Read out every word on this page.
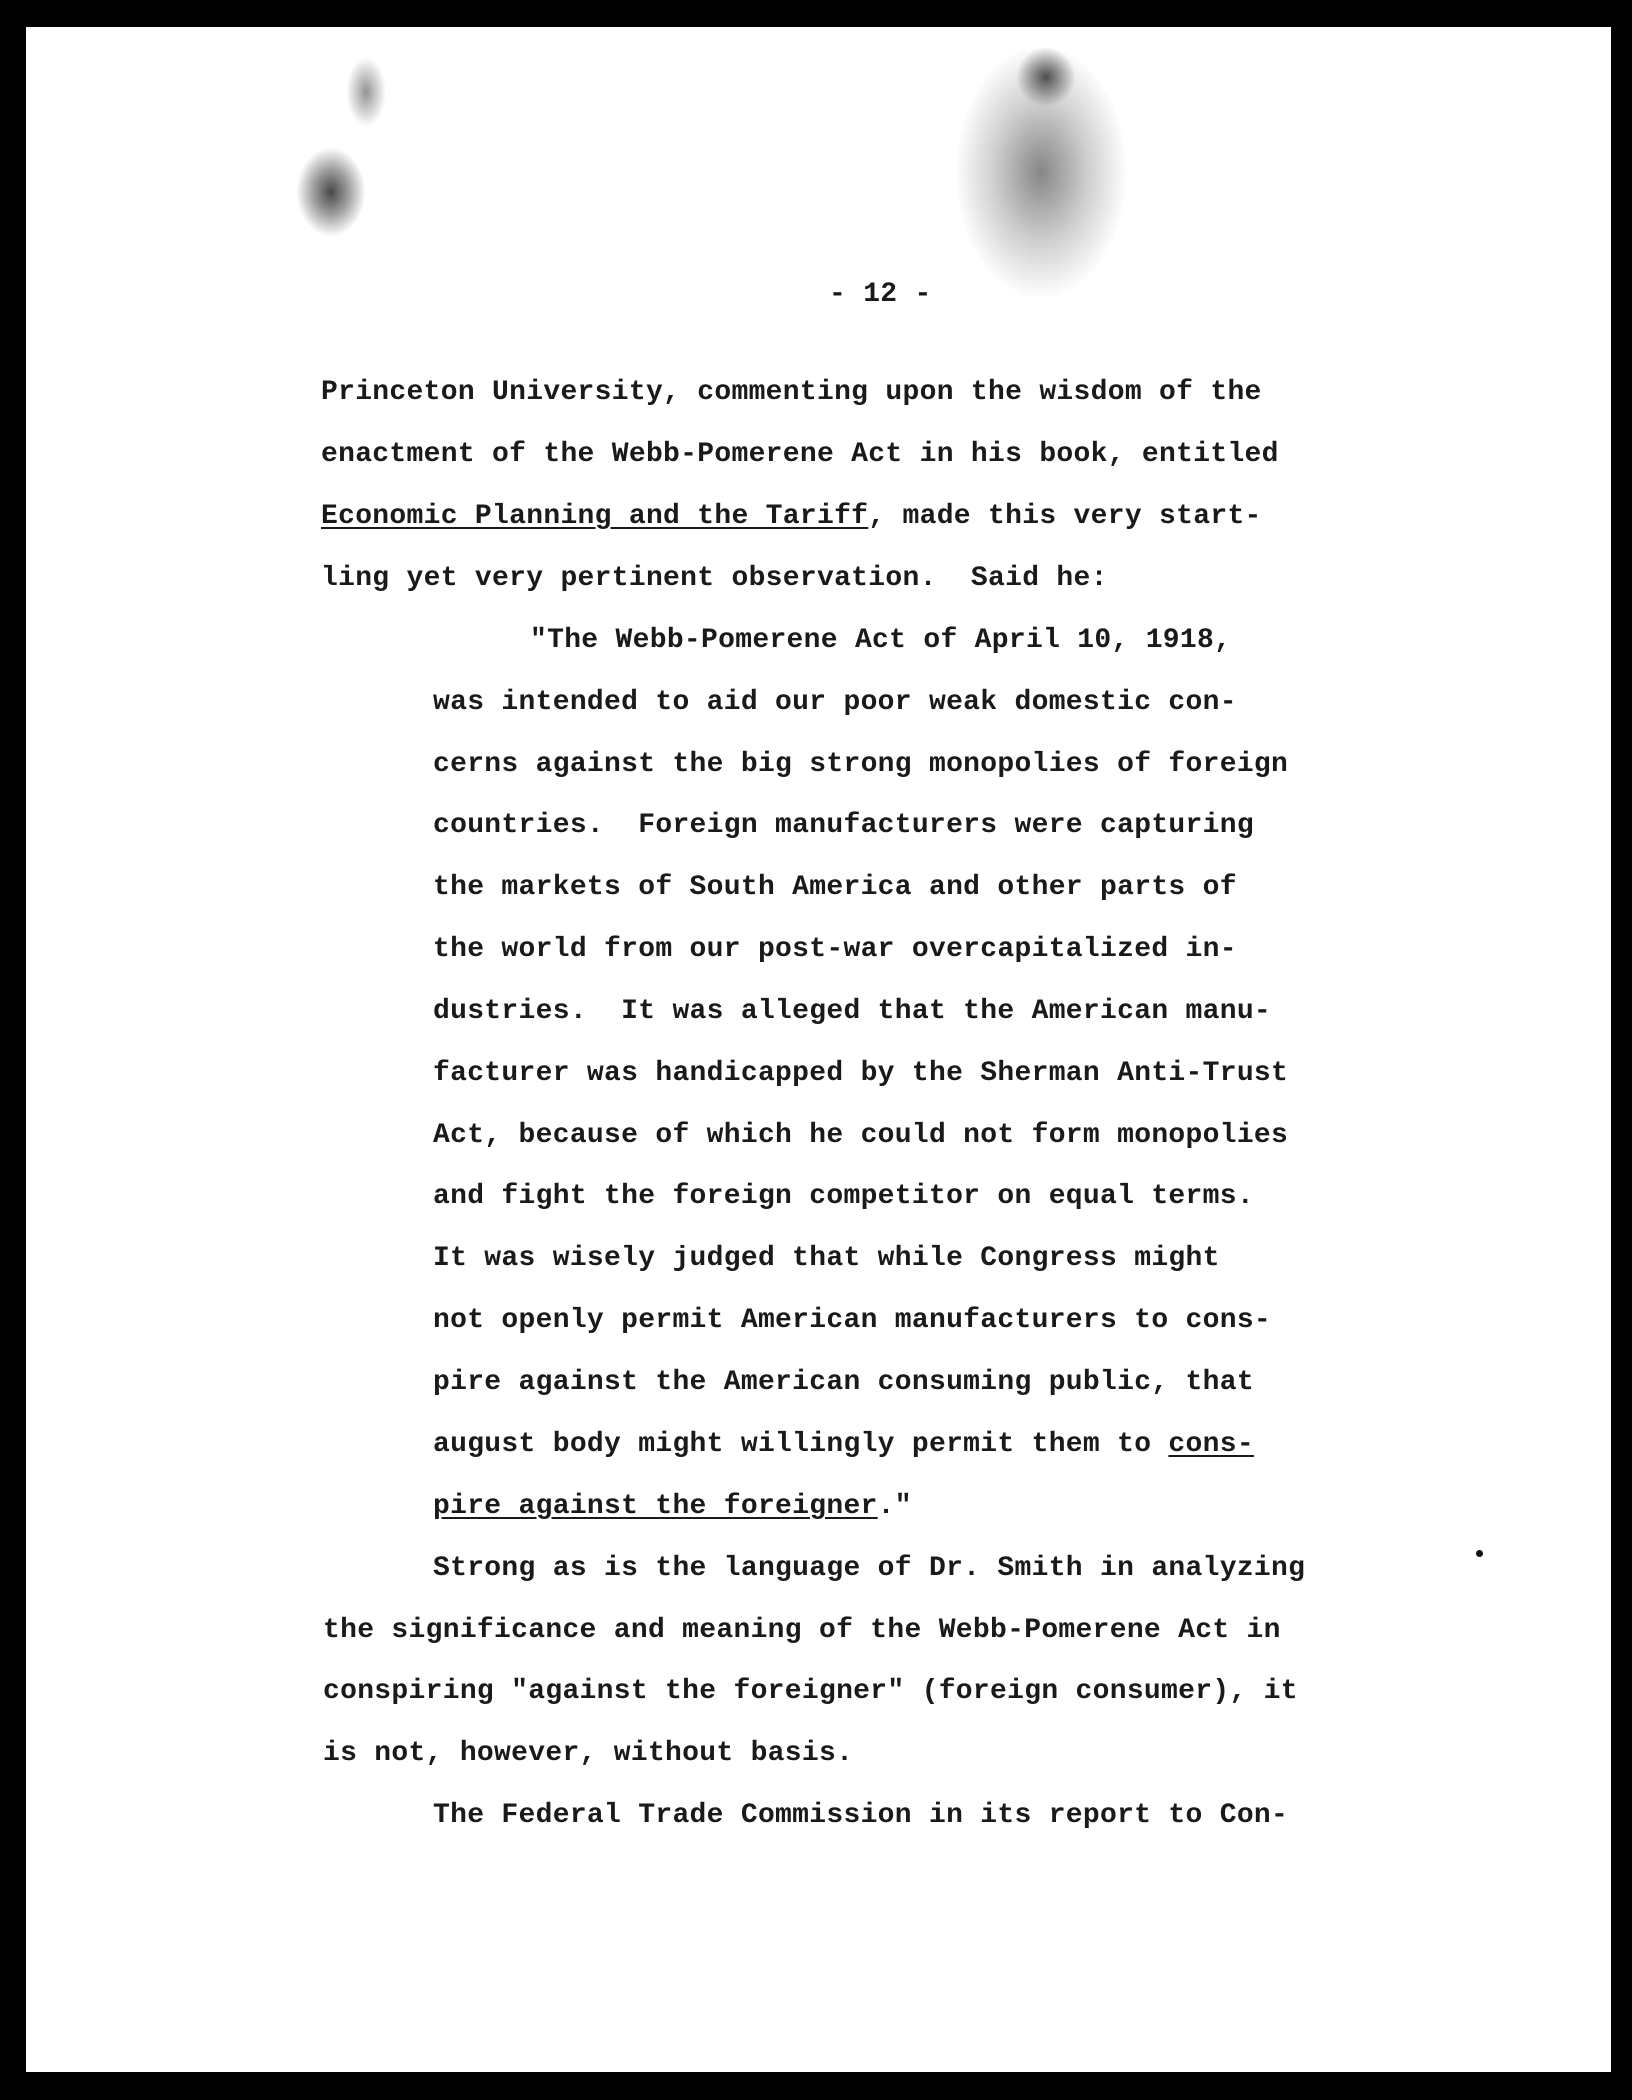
- 12 -
Princeton University, commenting upon the wisdom of the
enactment of the Webb-Pomerene Act in his book, entitled
Economic Planning and the Tariff, made this very start-
ling yet very pertinent observation.  Said he:
"The Webb-Pomerene Act of April 10, 1918,
was intended to aid our poor weak domestic con-
cerns against the big strong monopolies of foreign
countries.  Foreign manufacturers were capturing
the markets of South America and other parts of
the world from our post-war overcapitalized in-
dustries.  It was alleged that the American manu-
facturer was handicapped by the Sherman Anti-Trust
Act, because of which he could not form monopolies
and fight the foreign competitor on equal terms.
It was wisely judged that while Congress might
not openly permit American manufacturers to cons-
pire against the American consuming public, that
august body might willingly permit them to cons-
pire against the foreigner."
Strong as is the language of Dr. Smith in analyzing
the significance and meaning of the Webb-Pomerene Act in
conspiring "against the foreigner" (foreign consumer), it
is not, however, without basis.
The Federal Trade Commission in its report to Con-
